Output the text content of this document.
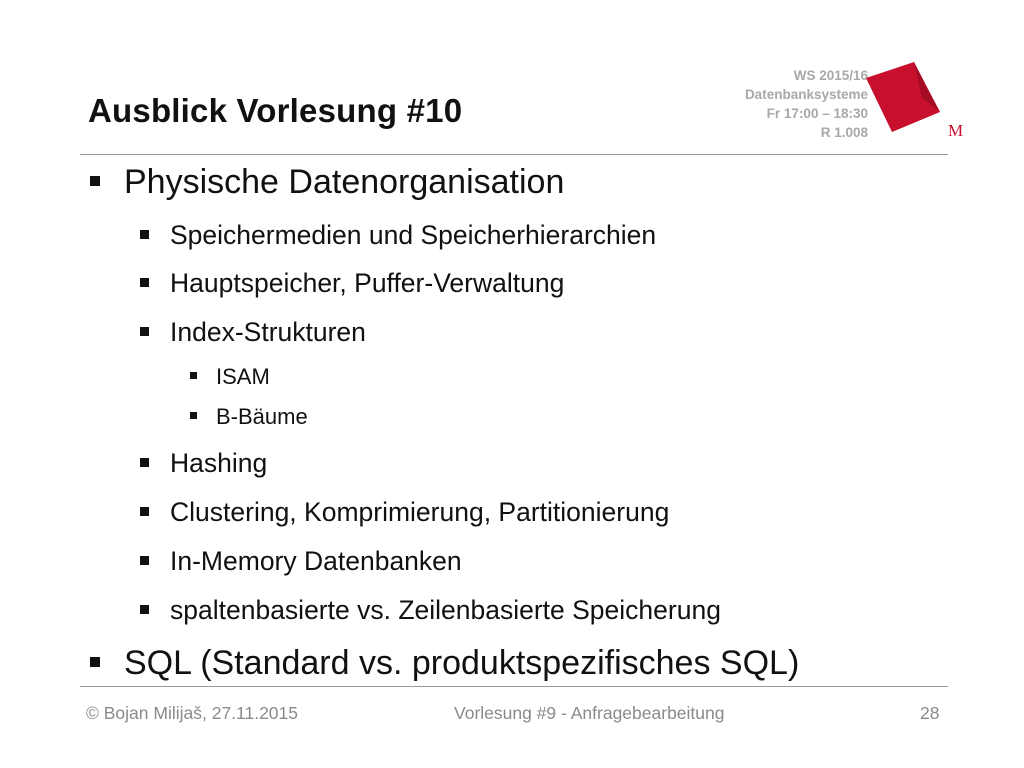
Ausblick Vorlesung #10
WS 2015/16
Datenbanksysteme
Fr 17:00 – 18:30
R 1.008	M
Physische Datenorganisation
Speichermedien und Speicherhierarchien
Hauptspeicher, Puffer-Verwaltung
Index-Strukturen
ISAM
B-Bäume
Hashing
Clustering, Komprimierung, Partitionierung
In-Memory Datenbanken
spaltenbasierte vs. Zeilenbasierte Speicherung
SQL (Standard vs. produktspezifisches SQL)
© Bojan Milijaš, 27.11.2015	Vorlesung #9 - Anfragebearbeitung	28
